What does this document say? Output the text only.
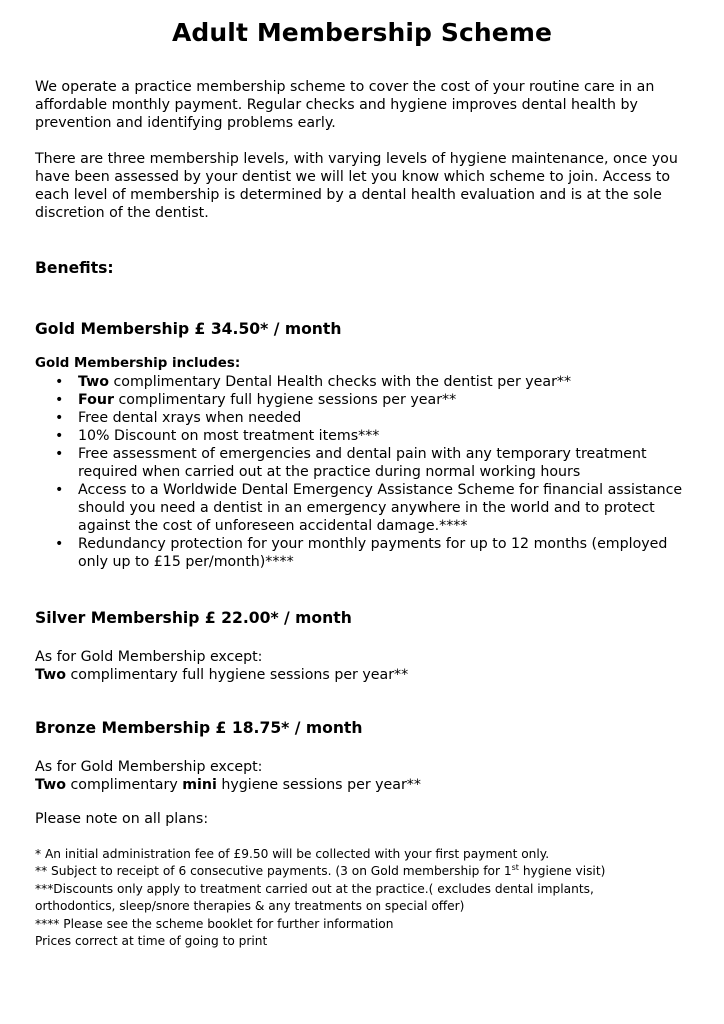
Adult Membership Scheme

We operate a practice membership scheme to cover the cost of your routine care in an
affordable monthly payment. Regular checks and hygiene improves dental health by
prevention and identifying problems early.

There are three membership levels, with varying levels of hygiene maintenance, once you
have been assessed by your dentist we will let you know which scheme to join. Access to
each level of membership is determined by a dental health evaluation and is at the sole
discretion of the dentist.

Benefits:

Gold Membership £ 34.50* / month

Gold Membership includes:

• Two complimentary Dental Health checks with the dentist per year**
• Four complimentary full hygiene sessions per year**
• Free dental xrays when needed
• 10% Discount on most treatment items***
• Free assessment of emergencies and dental pain with any temporary treatment
required when carried out at the practice during normal working hours
• Access to a Worldwide Dental Emergency Assistance Scheme for financial assistance
should you need a dentist in an emergency anywhere in the world and to protect
against the cost of unforeseen accidental damage.****
• Redundancy protection for your monthly payments for up to 12 months (employed
only up to £15 per/month)****

Silver Membership £ 22.00* / month

As for Gold Membership except:
Two complimentary full hygiene sessions per year**

Bronze Membership £ 18.75* / month

As for Gold Membership except:
Two complimentary mini hygiene sessions per year**

Please note on all plans:

* An initial administration fee of £9.50 will be collected with your first payment only.
** Subject to receipt of 6 consecutive payments. (3 on Gold membership for 1st hygiene visit)
***Discounts only apply to treatment carried out at the practice.( excludes dental implants,
orthodontics, sleep/snore therapies & any treatments on special offer)
**** Please see the scheme booklet for further information
Prices correct at time of going to print
